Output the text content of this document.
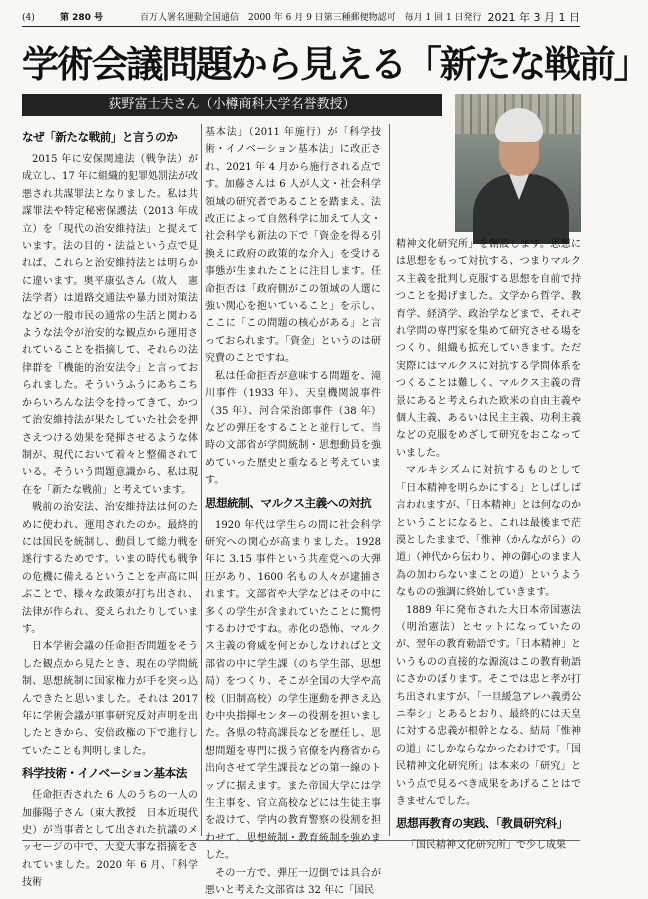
(4)	第 280 号	百万人署名運動全国通信　2000 年 6 月 9 日第三種郵便物認可　毎月 1 回 1 日発行 2021 年 3 月 1 日
学術会議問題から見える「新たな戦前」
荻野富士夫さん（小樽商科大学名誉教授）
なぜ「新たな戦前」と言うのか

2015 年に安保関連法（戦争法）が成立し、17 年に組織的犯罪処罰法が改悪され共謀罪法となりました。私は共謀罪法や特定秘密保護法（2013 年成立）を「現代の治安維持法」と捉えています。法の目的・法益という点で見れば、これらと治安維持法とは明らかに違います。奥平康弘さん（故人　憲法学者）は道路交通法や暴力団対策法などの一般市民の通常の生活と関わるような法令が治安的な観点から運用されていることを指摘して、それらの法律群を「機能的治安法令」と言っておられました。そういうふうにあちこちからいろんな法令を持ってきて、かつて治安維持法が果たしていた社会を押さえつける効果を発揮させるような体制が、現代において着々と整備されている。そういう問題意識から、私は現在を「新たな戦前」と考えています。

戦前の治安法、治安維持法は何のために使われ、運用されたのか。最終的には国民を統制し、動員して総力戦を遂行するためです。いまの時代も戦争の危機に備えるということを声高に叫ぶことで、様々な政策が打ち出され、法律が作られ、変えられたりしています。

日本学術会議の任命拒否問題をそうした観点から見たとき、現在の学問統制、思想統制に国家権力が手を突っ込んできたと思いました。それは 2017 年に学術会議が軍事研究反対声明を出したときから、安倍政権の下で進行していたことも判明しました。

科学技術・イノベーション基本法

任命拒否された 6 人のうちの一人の加藤陽子さん（東大教授　日本近現代史）が当事者として出された抗議のメッセージの中で、大変大事な指摘をされていました。2020 年 6 月、「科学技術

基本法」（2011 年施行）が「科学技術・イノベーション基本法」に改正され、2021 年 4 月から施行される点です。加藤さんは 6 人が人文・社会科学領域の研究者であることを踏まえ、法改正によって自然科学に加えて人文・社会科学も新法の下で「資金を得る引換えに政府の政策的な介入」を受ける事態が生まれたことに注目します。任命拒否は「政府側がこの領域の人選に強い関心を抱いていること」を示し、ここに「この問題の核心がある」と言っておられます。「資金」というのは研究費のことですね。

私は任命拒否が意味する問題を、滝川事件（1933 年）、天皇機関説事件（35 年）、河合栄治郎事件（38 年）などの弾圧をすることと並行して、当時の文部省が学問統制・思想動員を強めていった歴史と重なると考えています。

思想統制、マルクス主義への対抗

1920 年代は学生らの間に社会科学研究への関心が高まりました。1928 年に 3.15 事件という共産党への大弾圧があり、1600 名もの人々が逮捕されます。文部省や大学などはその中に多くの学生が含まれていたことに驚愕するわけですね。赤化の恐怖、マルクス主義の脅威を何とかしなければと文部省の中に学生課（のち学生部、思想局）をつくり、そこが全国の大学や高校（旧制高校）の学生運動を押さえ込む中央指揮センターの役割を担いました。各県の特高課長などを歴任し、思想問題を専門に扱う官僚を内務省から出向させて学生課長などの第一線のトップに据えます。また帝国大学には学生主事を、官立高校などには生徒主事を設けて、学内の教育警察の役割を担わせて、思想統制・教育統制を強めました。

その一方で、弾圧一辺倒では具合が悪いと考えた文部省は 32 年に「国民

精神文化研究所」を創設します。思想には思想をもって対抗する、つまりマルクス主義を批判し克服する思想を自前で持つことを掲げました。文学から哲学、教育学、経済学、政治学などまで、それぞれ学問の専門家を集めて研究させる場をつくり、組織も拡充していきます。ただ実際にはマルクスに対抗する学問体系をつくることは難しく、マルクス主義の背景にあると考えられた欧米の自由主義や個人主義、あるいは民主主義、功利主義などの克服をめざして研究をおこなっていました。

マルキシズムに対抗するものとして「日本精神を明らかにする」としばしば言われますが、「日本精神」とは何なのかということになると、これは最後まで茫漠としたままで、「惟神（かんながら）の道」（神代から伝わり、神の御心のまま人為の加わらないまことの道）というようなものの強調に終始していきます。

1889 年に発布された大日本帝国憲法（明治憲法）とセットになっていたのが、翌年の教育勅語です。「日本精神」というものの直接的な源流はこの教育勅語にさかのぼります。そこでは忠と孝が打ち出されますが、「一旦緩急アレハ義勇公ニ奉シ」とあるとおり、最終的には天皇に対する忠義が根幹となる、結局「惟神の道」にしかならなかったわけです。「国民精神文化研究所」は本来の「研究」という点で見るべき成果をあげることはできませんでした。

思想再教育の実践、「教員研究科」

「国民精神文化研究所」で少し成果
